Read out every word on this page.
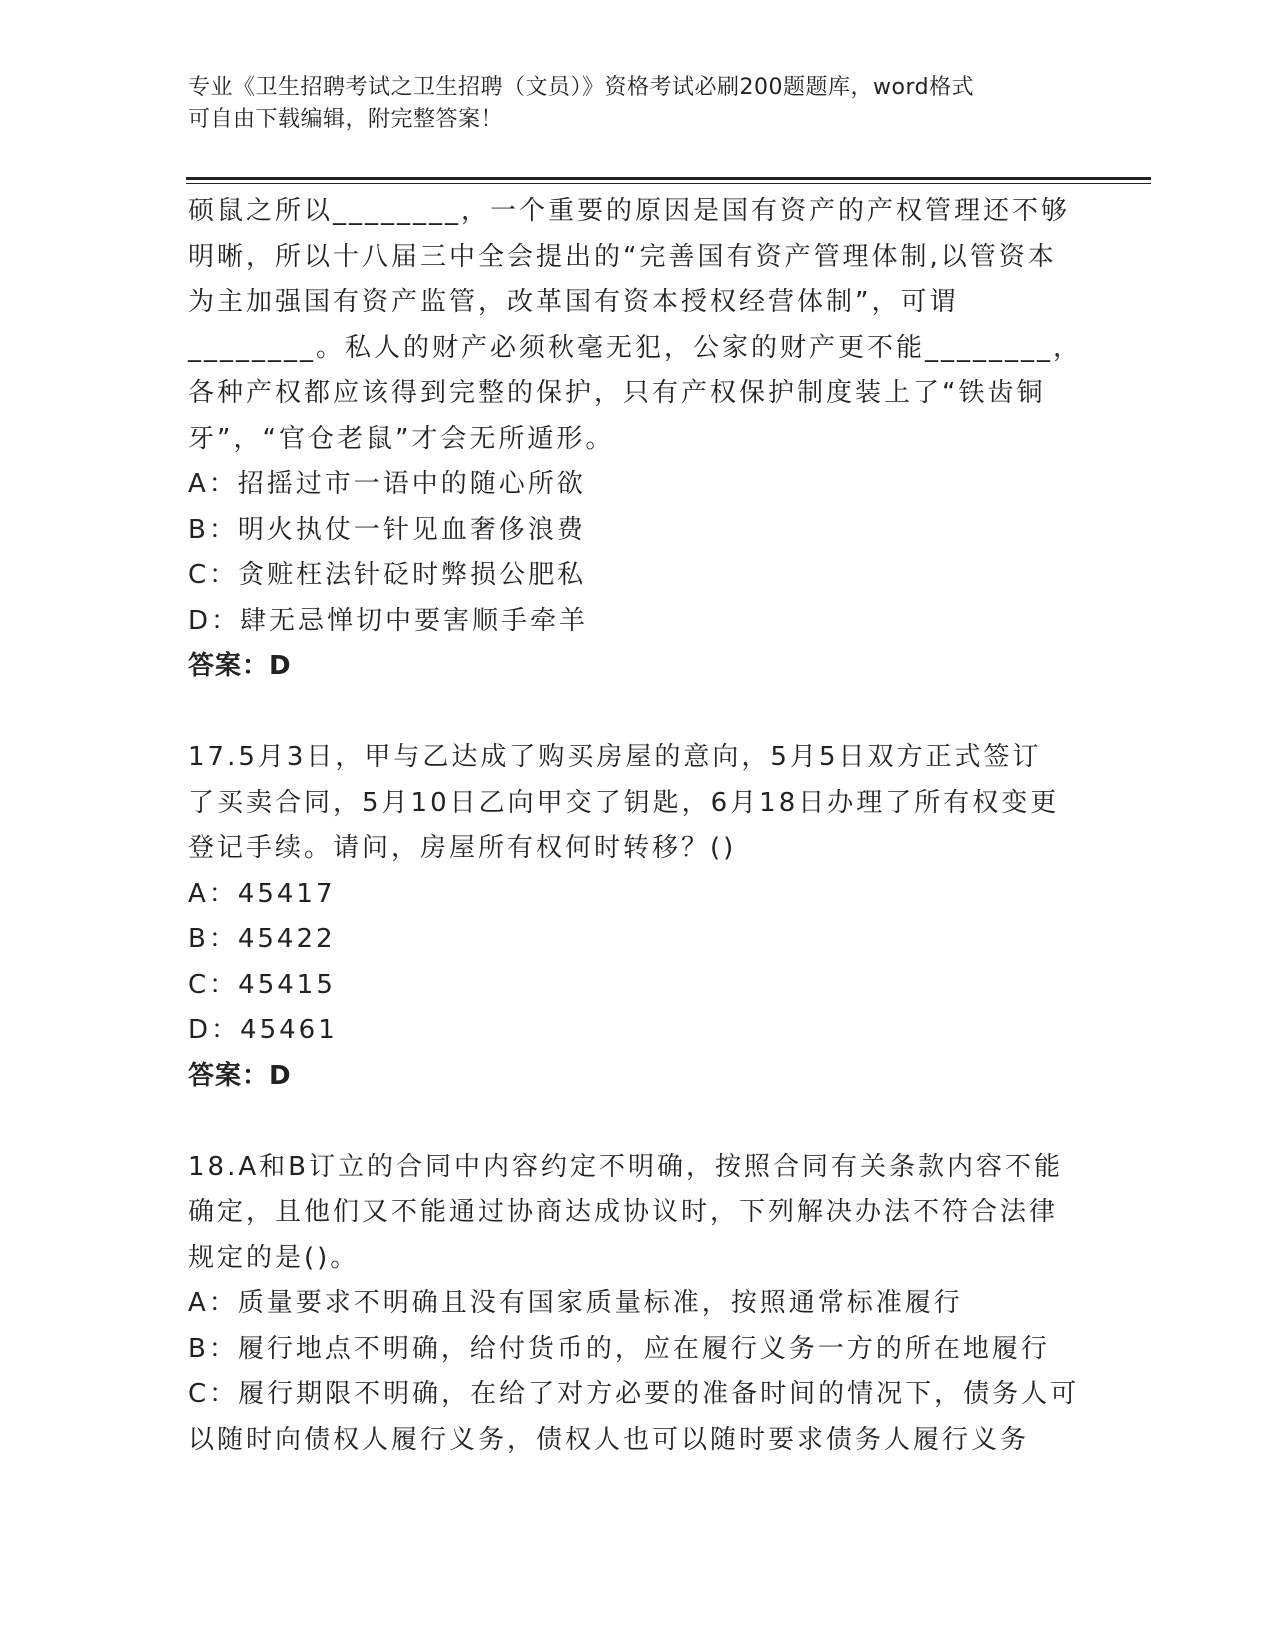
专业《卫生招聘考试之卫生招聘（文员）》资格考试必刷200题题库，word格式
可自由下载编辑，附完整答案！
硕鼠之所以________，一个重要的原因是国有资产的产权管理还不够
明晰，所以十八届三中全会提出的“完善国有资产管理体制,以管资本
为主加强国有资产监管，改革国有资本授权经营体制”，可谓
________。私人的财产必须秋毫无犯，公家的财产更不能________，
各种产权都应该得到完整的保护，只有产权保护制度装上了“铁齿铜
牙”，“官仓老鼠”才会无所遁形。
A：招摇过市一语中的随心所欲
B：明火执仗一针见血奢侈浪费
C：贪赃枉法针砭时弊损公肥私
D：肆无忌惮切中要害顺手牵羊
答案：D
17.5月3日，甲与乙达成了购买房屋的意向，5月5日双方正式签订
了买卖合同，5月10日乙向甲交了钥匙，6月18日办理了所有权变更
登记手续。请问，房屋所有权何时转移？()
A：45417
B：45422
C：45415
D：45461
答案：D
18.A和B订立的合同中内容约定不明确，按照合同有关条款内容不能
确定，且他们又不能通过协商达成协议时，下列解决办法不符合法律
规定的是()。
A：质量要求不明确且没有国家质量标准，按照通常标准履行
B：履行地点不明确，给付货币的，应在履行义务一方的所在地履行
C：履行期限不明确，在给了对方必要的准备时间的情况下，债务人可
以随时向债权人履行义务，债权人也可以随时要求债务人履行义务
